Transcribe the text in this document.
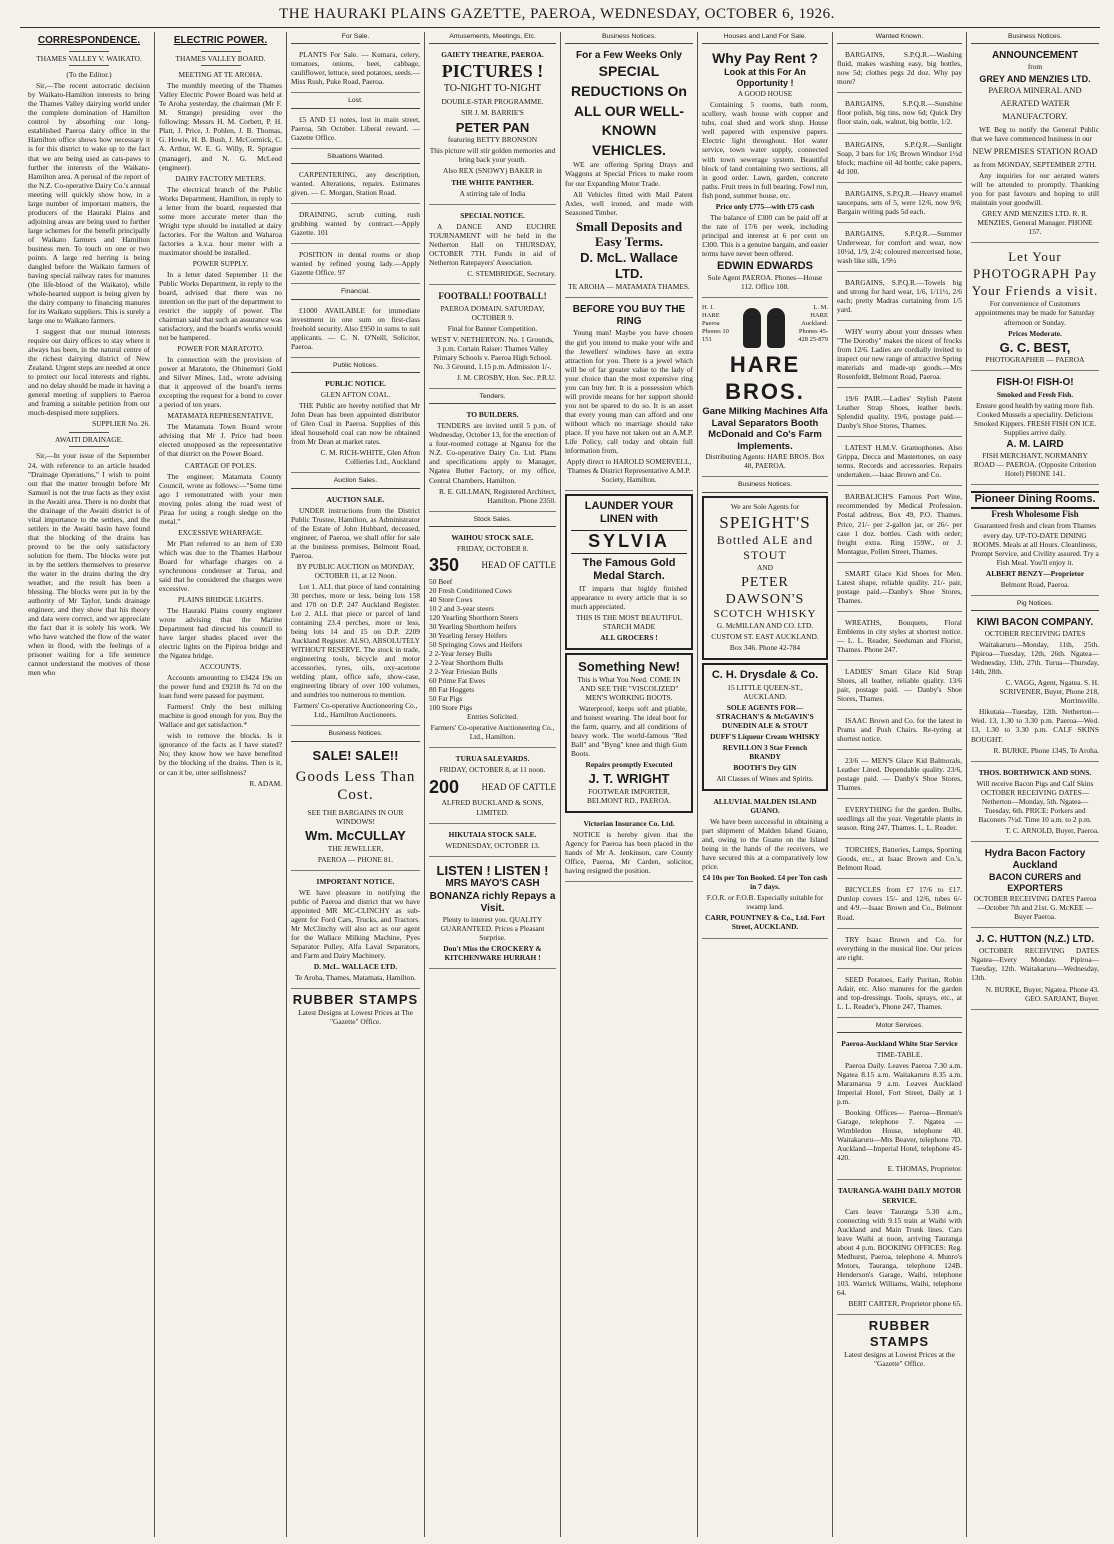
THE HAURAKI PLAINS GAZETTE, PAEROA, WEDNESDAY, OCTOBER 6, 1926.
CORRESPONDENCE.
THAMES VALLEY V. WAIKATO.

(To the Editor.)

Sir,—The recent autocratic decision by Waikato-Hamilton interests to bring the Thames Valley dairying world under the complete domination of Hamilton control by absorbing our long-established Paeroa dairy office in the Hamilton office shows how necessary it is for this district to wake up to the fact that we are being used as cats-paws to further the interests of the Waikato-Hamilton area. A perusal of the report of the N.Z. Co-operative Dairy Co.'s annual meeting will quickly show how, in a large number of important matters, the producers of the Hauraki Plains and adjoining areas are being used to further large schemes for the benefit principally of Waikato farmers and Hamilton business men. To touch on one or two points. A large red herring is being dangled before the Waikato farmers of having special railway rates for manures (the life-blood of the Waikato), while whole-hearted support is being given by the dairy company to financing manures for its Waikato suppliers. This is surely a large one to Waikato farmers.

I suggest that our mutual interests require our dairy offices to stay where it always has been, in the natural centre of the richest dairying district of New Zealand. Urgent steps are needed at once to protect our local interests and rights, and no delay should be made in having a general meeting of suppliers to Paeroa and framing a suitable petition from our much-despised mere suppliers.

SUPPLIER No. 26.

AWAITI DRAINAGE.

Sir,—In your issue of the September 24, with reference to an article headed "Drainage Operations," I wish to point out that the matter brought before Mr Samuel is not the true facts as they exist in the Awaiti area. There is no doubt that the drainage of the Awaiti district is of vital importance to the settlers, and the settlers in the Awaiti basin have found that the blocking of the drains has proved to be the only satisfactory solution for them. The blocks were put in by the settlers themselves to preserve the water in the drains during the dry weather, and the result has been a blessing. The blocks were put in by the authority of Mr Taylor, lands drainage engineer, and they show that his theory and data were correct, and we appreciate the fact that it is solely his work. We who have watched the flow of the water when in flood, with the feelings of a prisoner waiting for a life sentence cannot understand the motives of those men who

ELECTRIC POWER.
THAMES VALLEY BOARD.

MEETING AT TE AROHA.

The monthly meeting of the Thames Valley Electric Power Board was held at Te Aroha yesterday, the chairman (Mr F. M. Strange) presiding over the following: Messrs H. M. Corbett, P. H. Platt, J. Price, J. Pohlen, J. B. Thomas, G. Howie, H. B. Bush, J. McCormick, C. A. Arthur, W. E. G. Willy, R. Sprague (manager), and N. G. McLeod (engineer).

DAIRY FACTORY METERS.

The electrical branch of the Public Works Department, Hamilton, in reply to a letter from the board, requested that some more accurate meter than the Wright type should be installed at dairy factories. For the Walton and Waharoa factories a k.v.a. hour meter with a maximator should be installed.

POWER SUPPLY.

In a letter dated September 11 the Public Works Department, in reply to the board, advised that there was no intention on the part of the department to restrict the supply of power. The chairman said that such an assurance was satisfactory, and the board's works would not be hampered.

POWER FOR MARATOTO.

In connection with the provision of power at Maratoto, the Ohinemuri Gold and Silver Mines, Ltd., wrote advising that it approved of the board's terms excepting the request for a bond to cover a period of ten years.

MATAMATA REPRESENTATIVE.

The Matamata Town Board wrote advising that Mr J. Price had been elected unopposed as the representative of that district on the Power Board.

CARTAGE OF POLES.

The engineer, Matamata County Council, wrote as follows:—"Some time ago I remonstrated with your men moving poles along the road west of Piraa for using a rough sledge on the metal."

EXCESSIVE WHARFAGE.

Mr Platt referred to an item of £30 which was due to the Thames Harbour Board for wharfage charges on a synchronous condenser at Turua, and said that he considered the charges were excessive.

PLAINS BRIDGE LIGHTS.

The Hauraki Plains county engineer wrote advising that the Marine Department had directed his council to have larger shades placed over the electric lights on the Pipiroa bridge and the Ngatea bridge.

ACCOUNTS.

Accounts amounting to £3424 19s on the power fund and £9218 8s 7d on the loan fund were passed for payment.

Farmers! Only the best milking machine is good enough for you. Buy the Wallace and get satisfaction.*

wish to remove the blocks. Is it ignorance of the facts as I have stated? No; they know how we have benefited by the blocking of the drains. Then is it, or can it be, utter selfishness?

R. ADAM.

For Sale.

PLANTS For Sale. — Kumara, celery, tomatoes, onions, beet, cabbage, cauliflower, lettuce, seed potatoes, seeds.—Miss Rush, Puke Road, Paeroa.

Lost.

£5 AND £1 notes, lost in main street, Paeroa, 5th October. Liberal reward. — Gazette Office.

Situations Wanted.

CARPENTERING, any description, wanted. Alterations, repairs. Estimates given. — C. Morgan, Station Road.

DRAINING, scrub cutting, rush grubbing wanted by contract.—Apply Gazette. 101

POSITION in dental rooms or shop wanted by refined young lady.—Apply Gazette Office. 97

Financial.

£1000 AVAILABLE for immediate investment in one sum on first-class freehold security. Also £950 in sums to suit applicants. — C. N. O'Neill, Solicitor, Paeroa.

Public Notices.

PUBLIC NOTICE.

GLEN AFTON COAL.

THE Public are hereby notified that Mr John Dean has been appointed distributor of Glen Coal in Paeroa. Supplies of this ideal household coal can now be obtained from Mr Dean at market rates.

C. M. RICH-WHITE, Glen Afton Collieries Ltd., Auckland

Auction Sales.

AUCTION SALE.

UNDER instructions from the District Public Trustee, Hamilton, as Administrator of the Estate of John Hubbard, deceased, engineer, of Paeroa, we shall offer for sale at the business premises, Belmont Road, Paeroa.

BY PUBLIC AUCTION on MONDAY, OCTOBER 11, at 12 Noon.

Lot 1. ALL that piece of land containing 30 perches, more or less, being lots 158 and 170 on D.P. 247 Auckland Register. Lot 2. ALL that piece or parcel of land containing 23.4 perches, more or less, being lots 14 and 15 on D.P. 2209 Auckland Register. ALSO, ABSOLUTELY WITHOUT RESERVE. The stock in trade, engineering tools, bicycle and motor accessories, tyres, oils, oxy-acetone welding plant, office safe, show-case, engineering library of over 100 volumes, and sundries too numerous to mention.

Farmers' Co-operative Auctioneering Co., Ltd., Hamilton Auctioneers.

Business Notices.
SALE! SALE!!
Goods Less Than Cost.

SEE THE BARGAINS IN OUR WINDOWS!

Wm. McCULLAY

THE JEWELLER,

PAEROA — PHONE 81.

IMPORTANT NOTICE.

WE have pleasure in notifying the public of Paeroa and district that we have appointed MR MC-CLINCHY as sub-agent for Ford Cars, Trucks, and Tractors. Mr McClinchy will also act as our agent for the Wallace Milking Machine, Pyes Separator Pulley, Alfa Laval Separators, and Farm and Dairy Machinery.

D. McL. WALLACE LTD.

Te Aroha, Thames, Matamata, Hamilton.

RUBBER STAMPS

Latest Designs at Lowest Prices at The "Gazette" Office.

Amusements, Meetings, Etc.

GAIETY THEATRE, PAEROA.

PICTURES !

TO-NIGHT TO-NIGHT

DOUBLE-STAR PROGRAMME.

SIR J. M. BARRIE'S

PETER PAN

featuring BETTY BRONSON

This picture will stir golden memories and bring back your youth.

Also REX (SNOWY) BAKER in

THE WHITE PANTHER.

A stirring tale of India

SPECIAL NOTICE.

A DANCE AND EUCHRE TOURNAMENT will be held in the Netherton Hall on THURSDAY, OCTOBER 7TH. Funds in aid of Netherton Ratepayers' Association.

C. STEMBRIDGE, Secretary.

FOOTBALL! FOOTBALL!

PAEROA DOMAIN. SATURDAY, OCTOBER 9.

Final for Banner Competition.

WEST V. NETHERTON. No. 1 Grounds, 3 p.m. Curtain Raiser: Thames Valley Primary Schools v. Paeroa High School. No. 3 Ground, 1.15 p.m. Admission 1/-.

J. M. CROSBY, Hon. Sec. P.R.U.

Tenders.

TO BUILDERS.

TENDERS are invited until 5 p.m. of Wednesday, October 13, for the erection of a four-roomed cottage at Ngatea for the N.Z. Co-operative Dairy Co. Ltd. Plans and specifications apply to Manager, Ngatea Butter Factory, or my office, Central Chambers, Hamilton.

R. E. GILLMAN, Registered Architect, Hamilton. Phone 2350.

Stock Sales.

WAIHOU STOCK SALE.

FRIDAY, OCTOBER 8.

350 HEAD OF CATTLE
50 Beef
20 Fresh Conditioned Cows
40 Store Cows
10 2 and 3-year steers
120 Yearling Shorthorn Steers
30 Yearling Shorthorn heifers
30 Yearling Jersey Heifers
50 Springing Cows and Heifers
2 2-Year Jersey Bulls
2 2-Year Shorthorn Bulls
2 2-Year Friesian Bulls
60 Prime Fat Ewes
80 Fat Hoggets
50 Fat Pigs
100 Store Pigs

Entries Solicited.

Farmers' Co-operative Auctioneering Co., Ltd., Hamilton.

TURUA SALEYARDS.

FRIDAY, OCTOBER 8, at 11 noon.

200 HEAD OF CATTLE

ALFRED BUCKLAND & SONS, LIMITED.

HIKUTAIA STOCK SALE.

WEDNESDAY, OCTOBER 13.

LISTEN ! LISTEN !
MRS MAYO'S CASH BONANZA richly Repays a Visit.

Plenty to interest you. QUALITY GUARANTEED. Prices a Pleasant Surprise.

Don't Miss the CROCKERY & KITCHENWARE HURRAH !

Business Notices.
For a Few Weeks Only
SPECIAL REDUCTIONS On ALL OUR WELL-KNOWN VEHICLES.

WE are offering Spring Drays and Waggons at Special Prices to make room for our Expanding Motor Trade.

All Vehicles fitted with Mail Patent Axles, well ironed, and made with Seasoned Timber.

Small Deposits and Easy Terms.
D. McL. Wallace LTD.

TE AROHA — MATAMATA THAMES.

BEFORE YOU BUY THE RING

Young man! Maybe you have chosen the girl you intend to make your wife and the Jewellers' windows have an extra attraction for you. There is a jewel which will be of far greater value to the lady of your choice than the most expensive ring you can buy her. It is a possession which will provide means for her support should you not be spared to do so. It is an asset that every young man can afford and one without which no marriage should take place. If you have not taken out an A.M.P. Life Policy, call today and obtain full information from,

Apply direct to HAROLD SOMERVELL, Thames & District Representative A.M.P. Society, Hamilton.

LAUNDER YOUR LINEN with
SYLVIA
The Famous Gold Medal Starch.

IT imparts that highly finished appearance to every article that is so much appreciated.

THIS IS THE MOST BEAUTIFUL STARCH MADE

ALL GROCERS !

Something New!

This is What You Need. COME IN AND SEE THE "VISCOLIZED" MEN'S WORKING BOOTS.

Waterproof, keeps soft and pliable, and honest wearing. The ideal boot for the farm, quarry, and all conditions of heavy work. The world-famous "Red Ball" and "Byng" knee and thigh Gum Boots.

Repairs promptly Executed

J. T. WRIGHT

FOOTWEAR IMPORTER, BELMONT RD., PAEROA.

Victorian Insurance Co. Ltd.

NOTICE is hereby given that the Agency for Paeroa has been placed in the hands of Mr A. Jenkinson, care County Office, Paeroa, Mr Carden, solicitor, having resigned the position.

Houses and Land For Sale.
Why Pay Rent ?
Look at this For An Opportunity !

A GOOD HOUSE

Containing 5 rooms, bath room, scullery, wash house with copper and tubs, coal shed and work shop. House well papered with expensive papers. Electric light throughout. Hot water service, town water supply, connected with town sewerage system. Beautiful block of land containing two sections, all in good order. Lawn, garden, concrete paths. Fruit trees in full bearing. Fowl run, fish pond, summer house, etc.

Price only £775—with £75 cash

The balance of £300 can be paid off at the rate of 17/6 per week, including principal and interest at 6 per cent on £300. This is a genuine bargain, and easier terms have never been offered.

EDWIN EDWARDS

Sole Agent PAEROA. Phones—House 112. Office 108.

H. J. HARE Paeroa Phones 10 151
L. M. HARE Auckland. Phones 45-428 25-879
HARE BROS.
Gane Milking Machines Alfa Laval Separators Booth McDonald and Co's Farm Implements.

Distributing Agents: HARE BROS. Box 48, PAEROA.

Business Notices.

We are Sole Agents for

SPEIGHT'S
Bottled ALE and STOUT

AND

PETER DAWSON'S
SCOTCH WHISKY

G. McMILLAN AND CO. LTD.

CUSTOM ST. EAST AUCKLAND.

Box 346. Phone 42-784

C. H. Drysdale & Co.

15 LITTLE QUEEN-ST., AUCKLAND.

SOLE AGENTS FOR— STRACHAN'S & McGAVIN'S DUNEDIN ALE & STOUT

DUFF'S Liqueur Cream WHISKY

REVILLON 3 Star French BRANDY

BOOTH'S Dry GIN

All Classes of Wines and Spirits.

ALLUVIAL MALDEN ISLAND GUANO.

We have been successful in obtaining a part shipment of Malden Island Guano, and, owing to the Guano on the Island being in the hands of the receivers, we have secured this at a comparatively low price.

£4 10s per Ton Booked. £4 per Ton cash in 7 days.

F.O.R. or F.O.B. Especially suitable for swamp land.

CARR, POUNTNEY & Co., Ltd. Fort Street, AUCKLAND.

Wanted Known.

BARGAINS, S.P.Q.R.—Washing fluid, makes washing easy, big bottles, now 5d; clothes pegs 2d doz. Why pay more?

BARGAINS, S.P.Q.R.—Sunshine floor polish, big tins, now 6d; Quick Dry floor stain, oak, walnut, big bottle, 1/2.

BARGAINS, S.P.Q.R.—Sunlight Soap, 3 bars for 1/6; Brown Windsor 1½d block; machine oil 4d bottle; cake papers, 4d 100.

BARGAINS, S.P.Q.R.—Heavy enamel saucepans, sets of 5, were 12/6, now 9/6; Bargain writing pads 5d each.

BARGAINS, S.P.Q.R.—Summer Underwear, for comfort and wear, now 10½d, 1/9, 2/4; coloured mercerised hose, wash like silk, 1/9½

BARGAINS, S.P.Q.R.—Towels big and strong for hard wear, 1/6, 1/11½, 2/6 each; pretty Madras curtaining from 1/5 yard.

WHY worry about your dresses when "The Dorothy" makes the nicest of frocks from 12/6. Ladies are cordially invited to inspect our new range of attractive Spring materials and made-up goods.—Mrs Rosenfeldt, Belmont Road, Paeroa.

19/6 PAIR.—Ladies' Stylish Patent Leather Strap Shoes, leather heels. Splendid quality. 19/6, postage paid.—Danby's Shoe Stores, Thames.

LATEST H.M.V. Gramophones. Also Grippa, Decca and Mastertones, on easy terms. Records and accessories. Repairs undertaken.—Isaac Brown and Co.

BARBALICH'S Famous Port Wine, recommended by Medical Profession. Postal address, Box 49, P.O. Thames. Price, 21/- per 2-gallon jar, or 26/- per case 1 doz. bottles. Cash with order; freight extra. Ring 159W., or J. Montague, Pollen Street, Thames.

SMART Glace Kid Shoes for Men. Latest shape, reliable quality. 21/- pair, postage paid.—Danby's Shoe Stores, Thames.

WREATHS, Bouquets, Floral Emblems in city styles at shortest notice. — L. L. Reader, Seedsman and Florist, Thames. Phone 247.

LADIES' Smart Glace Kid Strap Shoes, all leather, reliable quality. 13/6 pair, postage paid. — Danby's Shoe Stores, Thames.

ISAAC Brown and Co. for the latest in Prams and Push Chairs. Re-tyring at shortest notice.

23/6 — MEN'S Glace Kid Balmorals, Leather Lined. Dependable quality. 23/6, postage paid. — Danby's Shoe Stores, Thames.

EVERYTHING for the garden. Bulbs, seedlings all the year. Vegetable plants in season. Ring 247, Thames. L. L. Reader.

TORCHES, Batteries, Lamps, Sporting Goods, etc., at Isaac Brown and Co.'s, Belmont Road.

BICYCLES from £7 17/6 to £17. Dunlop covers 15/- and 12/6, tubes 6/- and 4/9.—Isaac Brown and Co., Belmont Road.

TRY Isaac Brown and Co. for everything in the musical line. Our prices are right.

SEED Potatoes, Early Puritan, Robin Adair, etc. Also manures for the garden and top-dressings. Tools, sprays, etc., at L. L. Reader's, Phone 247, Thames.

Motor Services.

Paeroa-Auckland White Star Service

TIME-TABLE.

Paeroa Daily. Leaves Paeroa 7.30 a.m. Ngatea 8.15 a.m. Waitakaruru 8.35 a.m. Maramarua 9 a.m. Leaves Auckland Imperial Hotel, Fort Street, Daily at 1 p.m.

Booking Offices— Paeroa—Brenan's Garage, telephone 7. Ngatea — Wimbledon House, telephone 40. Waitakaruru—Mrs Beaver, telephone 7D. Auckland—Imperial Hotel, telephone 45-420.

E. THOMAS, Proprietor.

TAURANGA-WAIHI DAILY MOTOR SERVICE.

Cars leave Tauranga 5.30 a.m., connecting with 9.15 train at Waihi with Auckland and Main Trunk lines. Cars leave Waihi at noon, arriving Tauranga about 4 p.m. BOOKING OFFICES: Reg. Medhurst, Paeroa, telephone 4. Munro's Motors, Tauranga, telephone 124B. Henderson's Garage, Waihi, telephone 103. Warrick Williams, Waihi, telephone 64.

BERT CARTER, Proprietor phone 65.

RUBBER STAMPS

Latest designs at Lowest Prices at the "Gazette" Office.

Business Notices.
ANNOUNCEMENT

from

GREY AND MENZIES LTD.

PAEROA MINERAL AND AERATED WATER MANUFACTORY.

WE Beg to notify the General Public that we have commenced business in our

NEW PREMISES STATION ROAD

as from MONDAY, SEPTEMBER 27TH.

Any inquiries for our aerated waters will be attended to promptly. Thanking you for past favours and hoping to still maintain your goodwill.

GREY AND MENZIES LTD. R. R. MENZIES, General Manager. PHONE 157.

Let Your PHOTOGRAPH Pay Your Friends a visit.

For convenience of Customers appointments may be made for Saturday afternoon or Sunday.

Prices Moderate.

G. C. BEST,

PHOTOGRAPHER — PAEROA

FISH-O! FISH-O!

Smoked and Fresh Fish.

Ensure good health by eating more fish. Cooked Mussels a speciality. Delicious Smoked Kippers. FRESH FISH ON ICE. Supplies arrive daily.

A. M. LAIRD

FISH MERCHANT, NORMANBY ROAD — PAEROA. (Opposite Criterion Hotel) PHONE 141.

Pioneer Dining Rooms.

Fresh Wholesome Fish

Guaranteed fresh and clean from Thames every day. UP-TO-DATE DINING ROOMS. Meals at all Hours. Cleanliness, Prompt Service, and Civility assured. Try a Fish Meal. You'll enjoy it.

ALBERT BENZY—Proprietor

Belmont Road, Paeroa.

Pig Notices.
KIWI BACON COMPANY.

OCTOBER RECEIVING DATES

Waitakaruru—Monday, 11th, 25th. Pipiroa—Tuesday, 12th, 26th. Ngatea—Wednesday, 13th, 27th. Turua—Thursday, 14th, 28th.

C. VAGG, Agent, Ngatea. S. H. SCRIVENER, Buyer, Phone 218, Morrinsville.

Hikutaia—Tuesday, 12th. Netherton—Wed. 13, 1.30 to 3.30 p.m. Paeroa—Wed. 13, 1.30 to 3.30 p.m. CALF SKINS BOUGHT.

R. BURKE, Phone 134S, Te Aroha.

THOS. BORTHWICK AND SONS.

Will receive Bacon Pigs and Calf Skins OCTOBER RECEIVING DATES— Netherton—Monday, 5th. Ngatea—Tuesday, 6th. PRICE: Porkers and Baconers 7½d. Time 10 a.m. to 2 p.m.

T. C. ARNOLD, Buyer, Paeroa.

Hydra Bacon Factory Auckland
BACON CURERS and EXPORTERS

OCTOBER RECEIVING DATES Paeroa—October 7th and 21st. G. McKEE — Buyer Paeroa.

J. C. HUTTON (N.Z.) LTD.

OCTOBER RECEIVING DATES Ngatea—Every Monday. Pipiroa—Tuesday, 12th. Waitakaruru—Wednesday, 13th.

N. BURKE, Buyer, Ngatea. Phone 43. GEO. SARJANT, Buyer.
